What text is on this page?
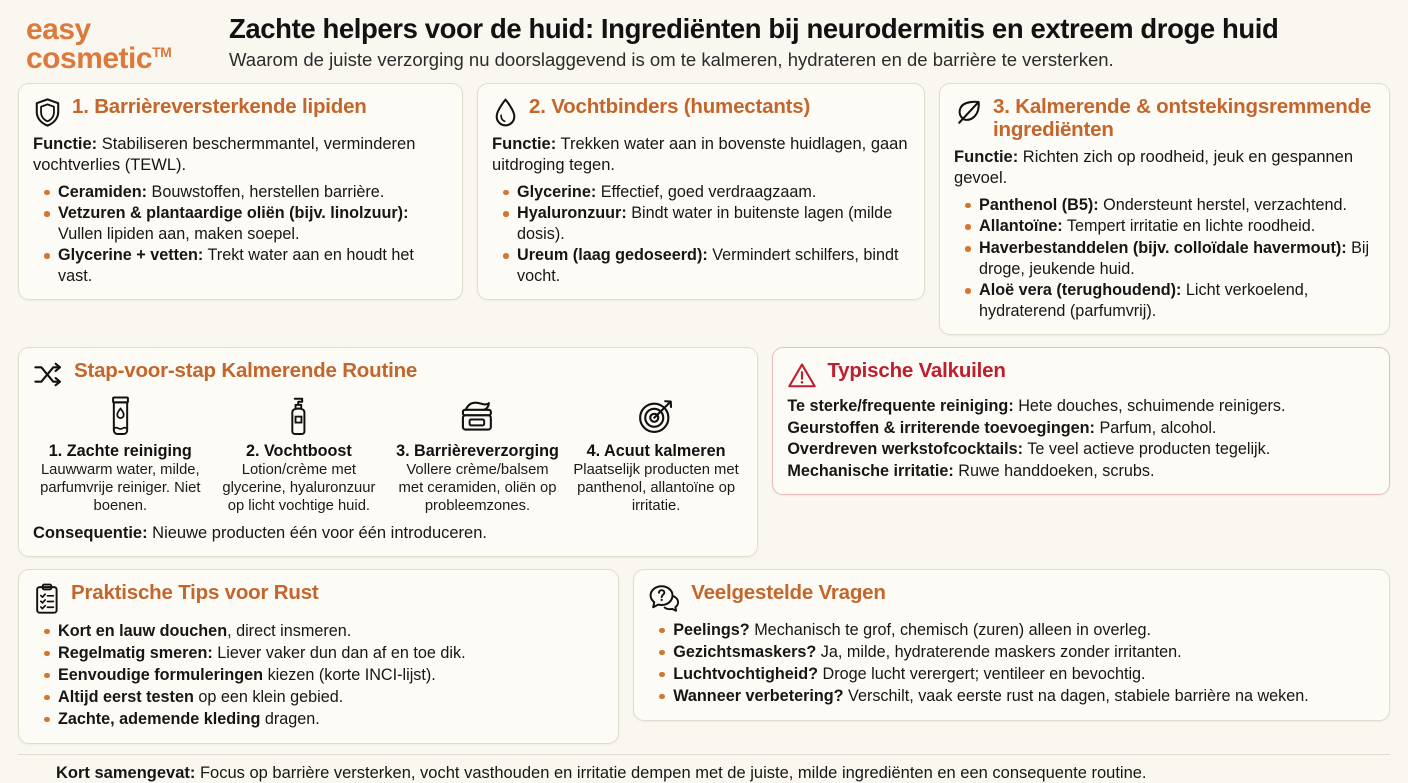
easy
cosmetic™
Zachte helpers voor de huid: Ingrediënten bij neurodermitis en extreem droge huid
Waarom de juiste verzorging nu doorslaggevend is om te kalmeren, hydrateren en de barrière te versterken.
1. Barrièreversterkende lipiden
Functie: Stabiliseren beschermmantel, verminderen vochtverlies (TEWL).
Ceramiden: Bouwstoffen, herstellen barrière.
Vetzuren & plantaardige oliën (bijv. linolzuur): Vullen lipiden aan, maken soepel.
Glycerine + vetten: Trekt water aan en houdt het vast.
2. Vochtbinders (humectants)
Functie: Trekken water aan in bovenste huidlagen, gaan uitdroging tegen.
Glycerine: Effectief, goed verdraagzaam.
Hyaluronzuur: Bindt water in buitenste lagen (milde dosis).
Ureum (laag gedoseerd): Vermindert schilfers, bindt vocht.
3. Kalmerende & ontstekingsremmende ingrediënten
Functie: Richten zich op roodheid, jeuk en gespannen gevoel.
Panthenol (B5): Ondersteunt herstel, verzachtend.
Allantoïne: Tempert irritatie en lichte roodheid.
Haverbestanddelen (bijv. colloïdale havermout): Bij droge, jeukende huid.
Aloë vera (terughoudend): Licht verkoelend, hydraterend (parfumvrij).
Stap-voor-stap Kalmerende Routine
1. Zachte reiniging
Lauwwarm water, milde, parfumvrije reiniger. Niet boenen.
2. Vochtboost
Lotion/crème met glycerine, hyaluronzuur op licht vochtige huid.
3. Barrièreverzorging
Vollere crème/balsem met ceramiden, oliën op probleemzones.
4. Acuut kalmeren
Plaatselijk producten met panthenol, allantoïne op irritatie.
Consequentie: Nieuwe producten één voor één introduceren.
Typische Valkuilen
Te sterke/frequente reiniging: Hete douches, schuimende reinigers.
Geurstoffen & irriterende toevoegingen: Parfum, alcohol.
Overdreven werkstofcocktails: Te veel actieve producten tegelijk.
Mechanische irritatie: Ruwe handdoeken, scrubs.
Praktische Tips voor Rust
Kort en lauw douchen, direct insmeren.
Regelmatig smeren: Liever vaker dun dan af en toe dik.
Eenvoudige formuleringen kiezen (korte INCI-lijst).
Altijd eerst testen op een klein gebied.
Zachte, ademende kleding dragen.
Veelgestelde Vragen
Peelings? Mechanisch te grof, chemisch (zuren) alleen in overleg.
Gezichtsmaskers? Ja, milde, hydraterende maskers zonder irritanten.
Luchtvochtigheid? Droge lucht verergert; ventileer en bevochtig.
Wanneer verbetering? Verschilt, vaak eerste rust na dagen, stabiele barrière na weken.
Kort samengevat: Focus op barrière versterken, vocht vasthouden en irritatie dempen met de juiste, milde ingrediënten en een consequente routine.
